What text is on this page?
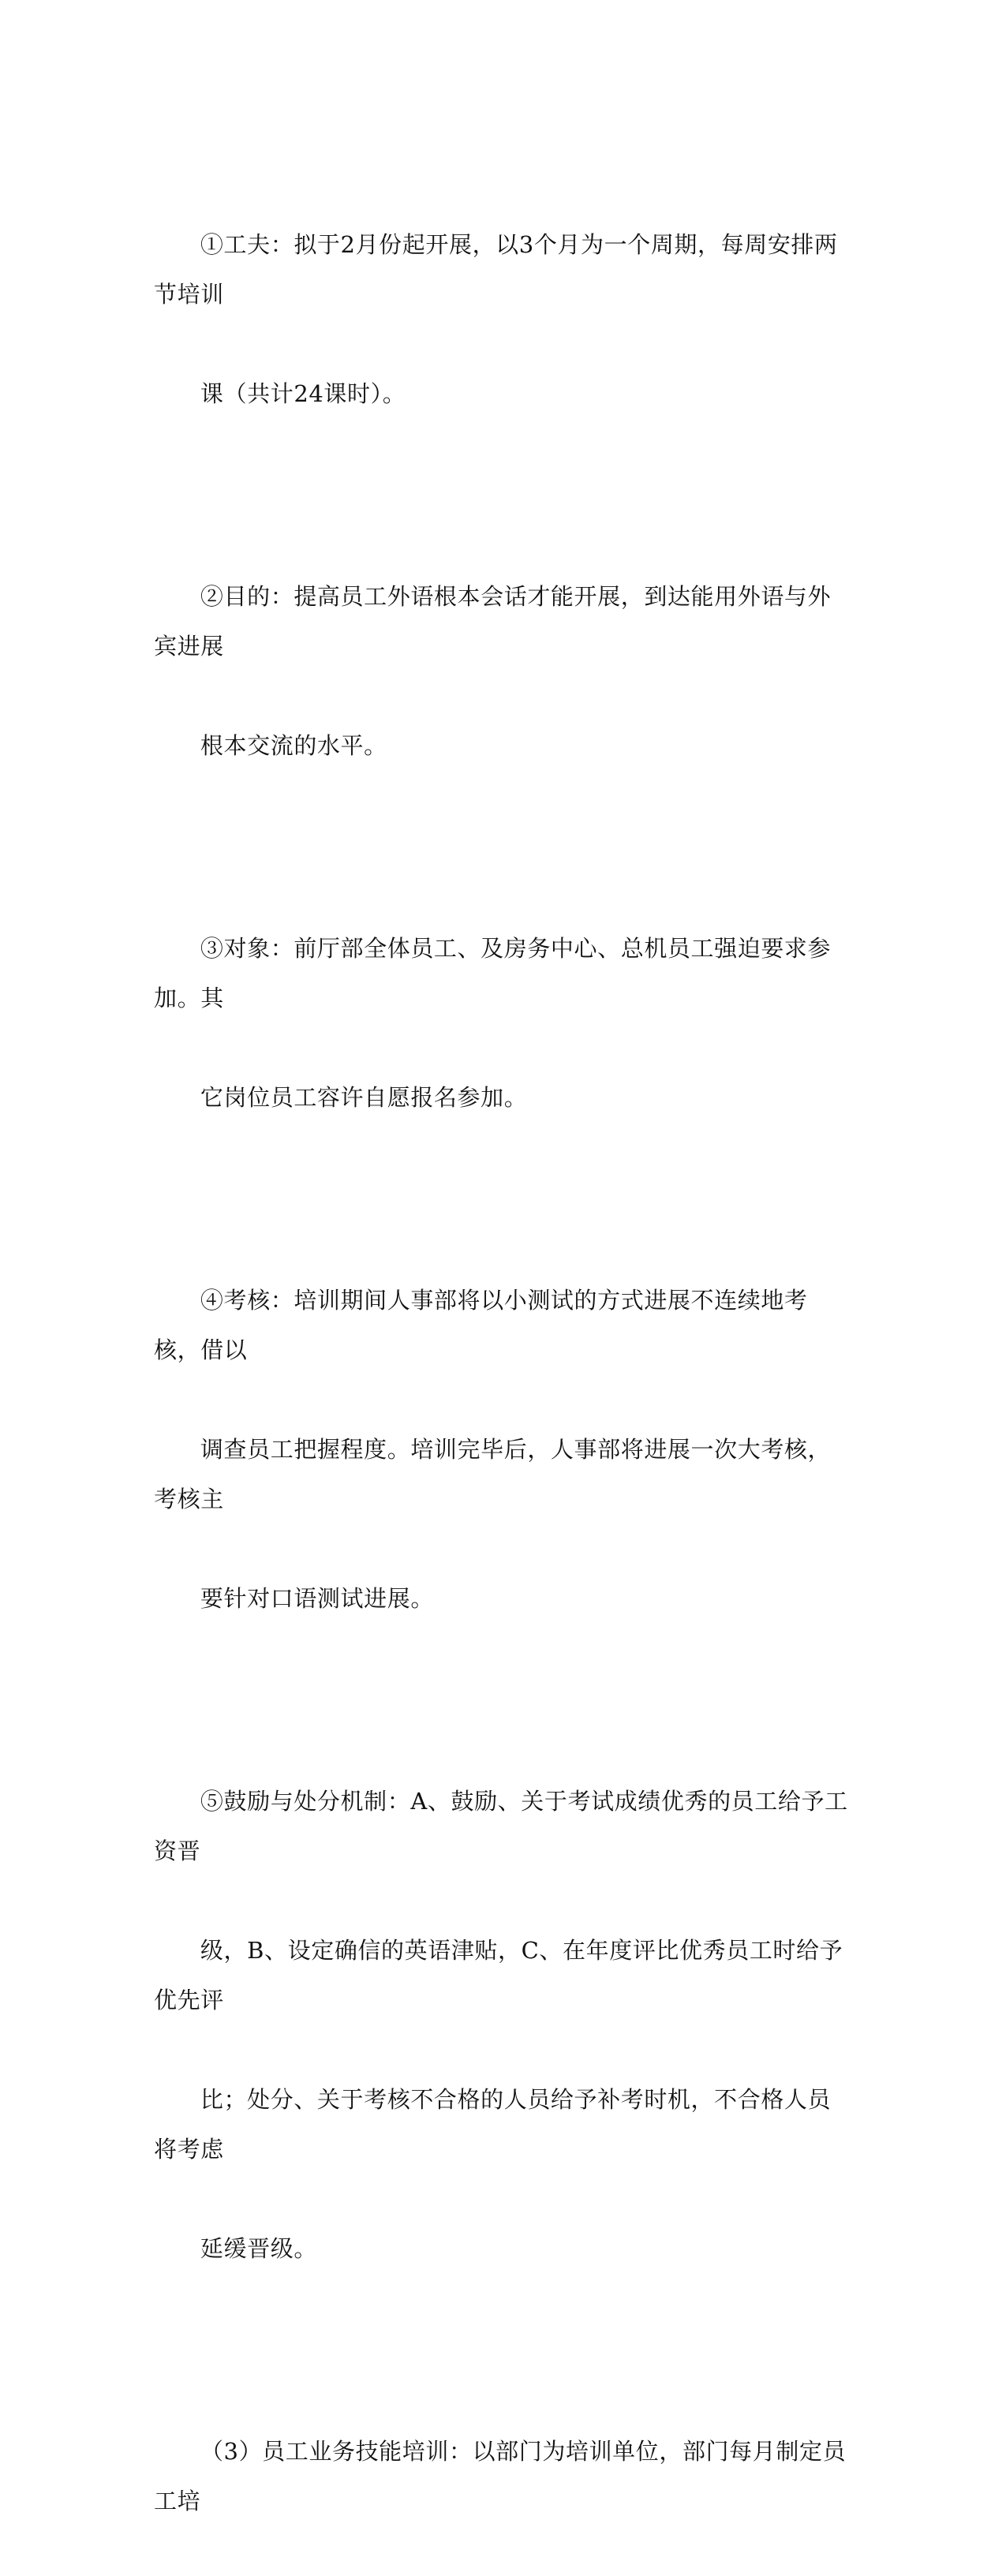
①工夫：拟于2月份起开展，以3个月为一个周期，每周安排两节培训

课（共计24课时）。

②目的：提高员工外语根本会话才能开展，到达能用外语与外宾进展

根本交流的水平。

③对象：前厅部全体员工、及房务中心、总机员工强迫要求参加。其

它岗位员工容许自愿报名参加。

④考核：培训期间人事部将以小测试的方式进展不连续地考核，借以

调查员工把握程度。培训完毕后，人事部将进展一次大考核，考核主

要针对口语测试进展。

⑤鼓励与处分机制：A、鼓励、关于考试成绩优秀的员工给予工资晋

级，B、设定确信的英语津贴，C、在年度评比优秀员工时给予优先评

比；处分、关于考核不合格的人员给予补考时机，不合格人员将考虑

延缓晋级。

（3）员工业务技能培训：以部门为培训单位，部门每月制定员工培
